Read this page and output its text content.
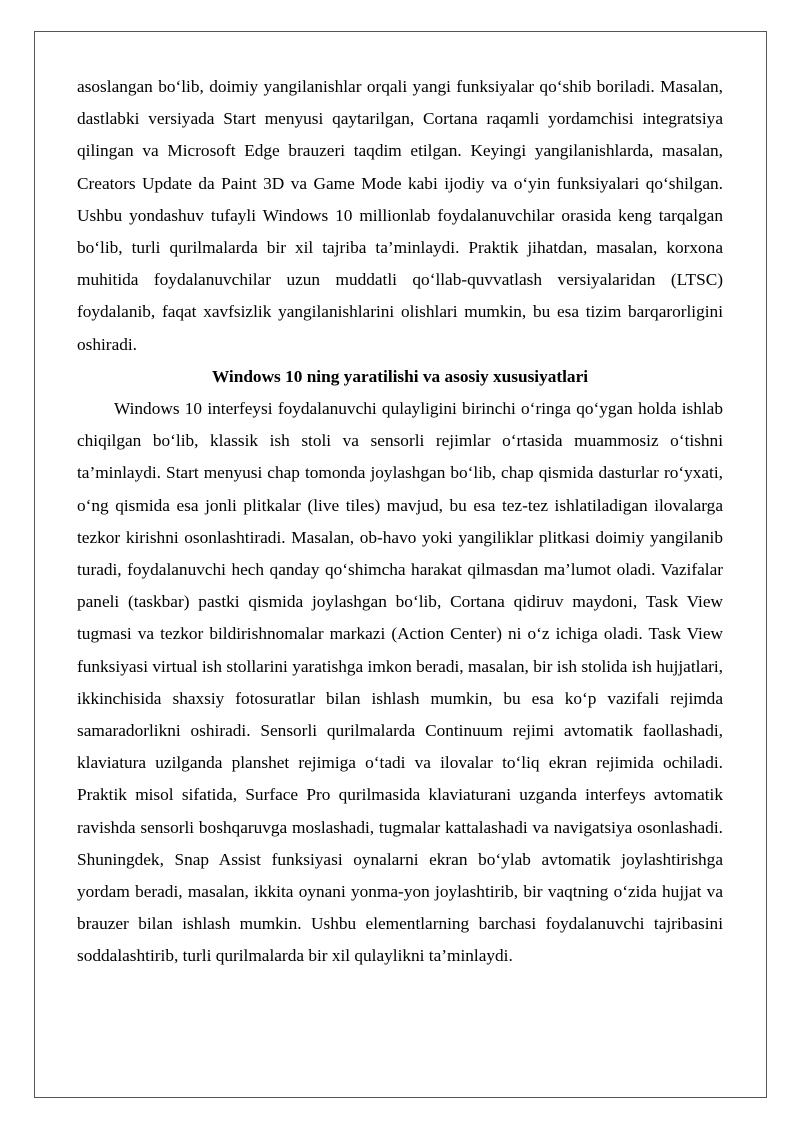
asoslangan bo‘lib, doimiy yangilanishlar orqali yangi funksiyalar qo‘shib boriladi. Masalan, dastlabki versiyada Start menyusi qaytarilgan, Cortana raqamli yordamchisi integratsiya qilingan va Microsoft Edge brauzeri taqdim etilgan. Keyingi yangilanishlarda, masalan, Creators Update da Paint 3D va Game Mode kabi ijodiy va o‘yin funksiyalari qo‘shilgan. Ushbu yondashuv tufayli Windows 10 millionlab foydalanuvchilar orasida keng tarqalgan bo‘lib, turli qurilmalarda bir xil tajriba ta’minlaydi. Praktik jihatdan, masalan, korxona muhitida foydalanuvchilar uzun muddatli qo‘llab-quvvatlash versiyalaridan (LTSC) foydalanib, faqat xavfsizlik yangilanishlarini olishlari mumkin, bu esa tizim barqarorligini oshiradi.

Windows 10 ning yaratilishi va asosiy xususiyatlari

Windows 10 interfeysi foydalanuvchi qulayligini birinchi o‘ringa qo‘ygan holda ishlab chiqilgan bo‘lib, klassik ish stoli va sensorli rejimlar o‘rtasida muammosiz o‘tishni ta’minlaydi. Start menyusi chap tomonda joylashgan bo‘lib, chap qismida dasturlar ro‘yxati, o‘ng qismida esa jonli plitkalar (live tiles) mavjud, bu esa tez-tez ishlatiladigan ilovalarga tezkor kirishni osonlashtiradi. Masalan, ob-havo yoki yangiliklar plitkasi doimiy yangilanib turadi, foydalanuvchi hech qanday qo‘shimcha harakat qilmasdan ma’lumot oladi. Vazifalar paneli (taskbar) pastki qismida joylashgan bo‘lib, Cortana qidiruv maydoni, Task View tugmasi va tezkor bildirishnomalar markazi (Action Center) ni o‘z ichiga oladi. Task View funksiyasi virtual ish stollarini yaratishga imkon beradi, masalan, bir ish stolida ish hujjatlari, ikkinchisida shaxsiy fotosuratlar bilan ishlash mumkin, bu esa ko‘p vazifali rejimda samaradorlikni oshiradi. Sensorli qurilmalarda Continuum rejimi avtomatik faollashadi, klaviatura uzilganda planshet rejimiga o‘tadi va ilovalar to‘liq ekran rejimida ochiladi. Praktik misol sifatida, Surface Pro qurilmasida klaviaturani uzganda interfeys avtomatik ravishda sensorli boshqaruvga moslashadi, tugmalar kattalashadi va navigatsiya osonlashadi. Shuningdek, Snap Assist funksiyasi oynalarni ekran bo‘ylab avtomatik joylashtirishga yordam beradi, masalan, ikkita oynani yonma-yon joylashtirib, bir vaqtning o‘zida hujjat va brauzer bilan ishlash mumkin. Ushbu elementlarning barchasi foydalanuvchi tajribasini soddalashtirib, turli qurilmalarda bir xil qulaylikni ta’minlaydi.
